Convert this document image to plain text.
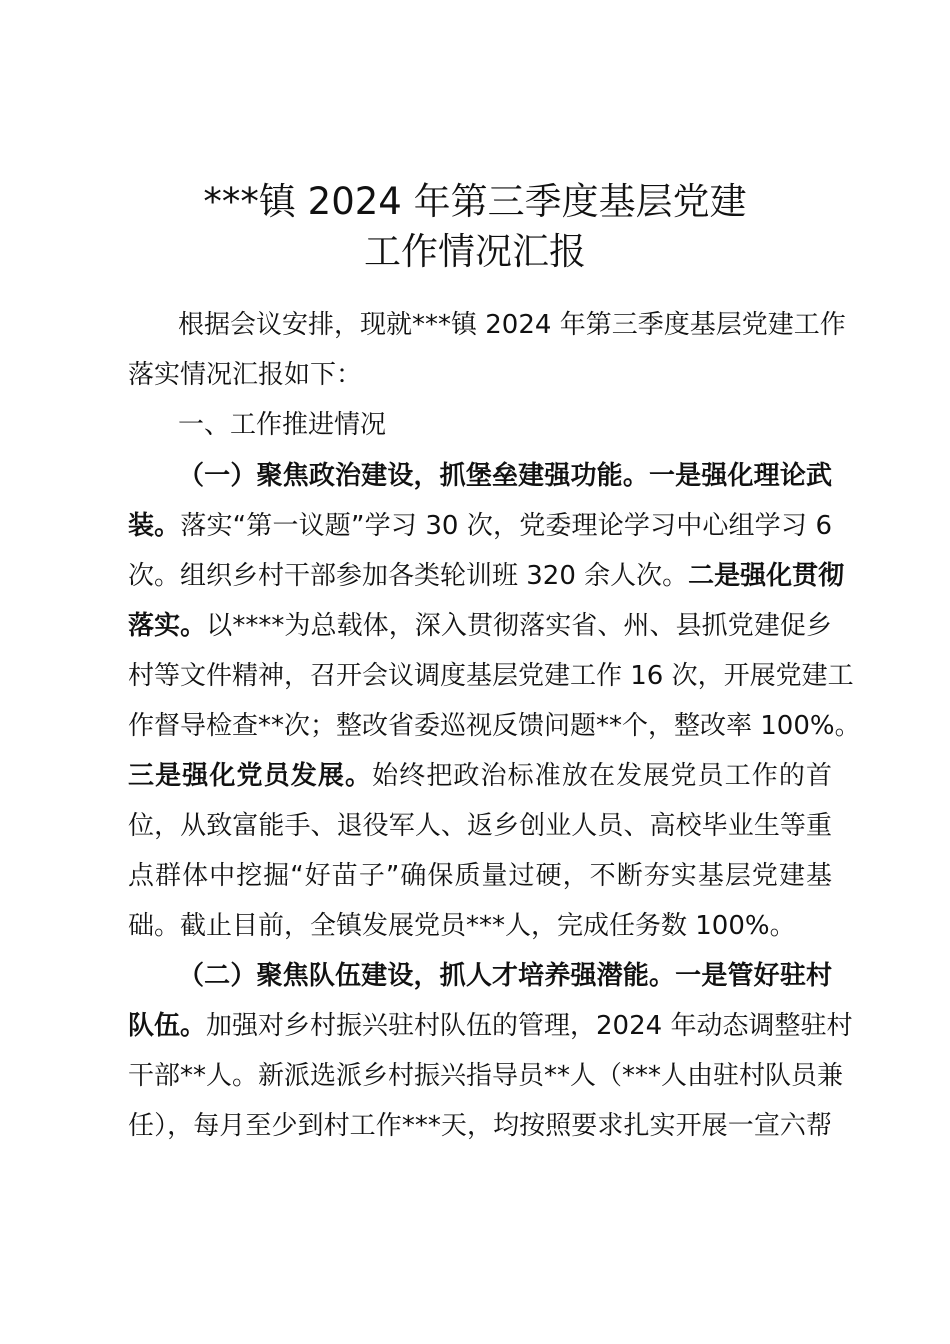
***镇 2024 年第三季度基层党建
工作情况汇报
根据会议安排，现就***镇 2024 年第三季度基层党建工作
落实情况汇报如下：
一、工作推进情况
（一）聚焦政治建设，抓堡垒建强功能。一是强化理论武
装。落实“第一议题”学习 30 次，党委理论学习中心组学习 6
次。组织乡村干部参加各类轮训班 320 余人次。二是强化贯彻
落实。以****为总载体，深入贯彻落实省、州、县抓党建促乡
村等文件精神，召开会议调度基层党建工作 16 次，开展党建工
作督导检查**次；整改省委巡视反馈问题**个，整改率 100%。
三是强化党员发展。始终把政治标准放在发展党员工作的首
位，从致富能手、退役军人、返乡创业人员、高校毕业生等重
点群体中挖掘“好苗子”确保质量过硬，不断夯实基层党建基
础。截止目前，全镇发展党员***人，完成任务数 100%。
（二）聚焦队伍建设，抓人才培养强潜能。一是管好驻村
队伍。加强对乡村振兴驻村队伍的管理，2024 年动态调整驻村
干部**人。新派选派乡村振兴指导员**人（***人由驻村队员兼
任），每月至少到村工作***天，均按照要求扎实开展一宣六帮
